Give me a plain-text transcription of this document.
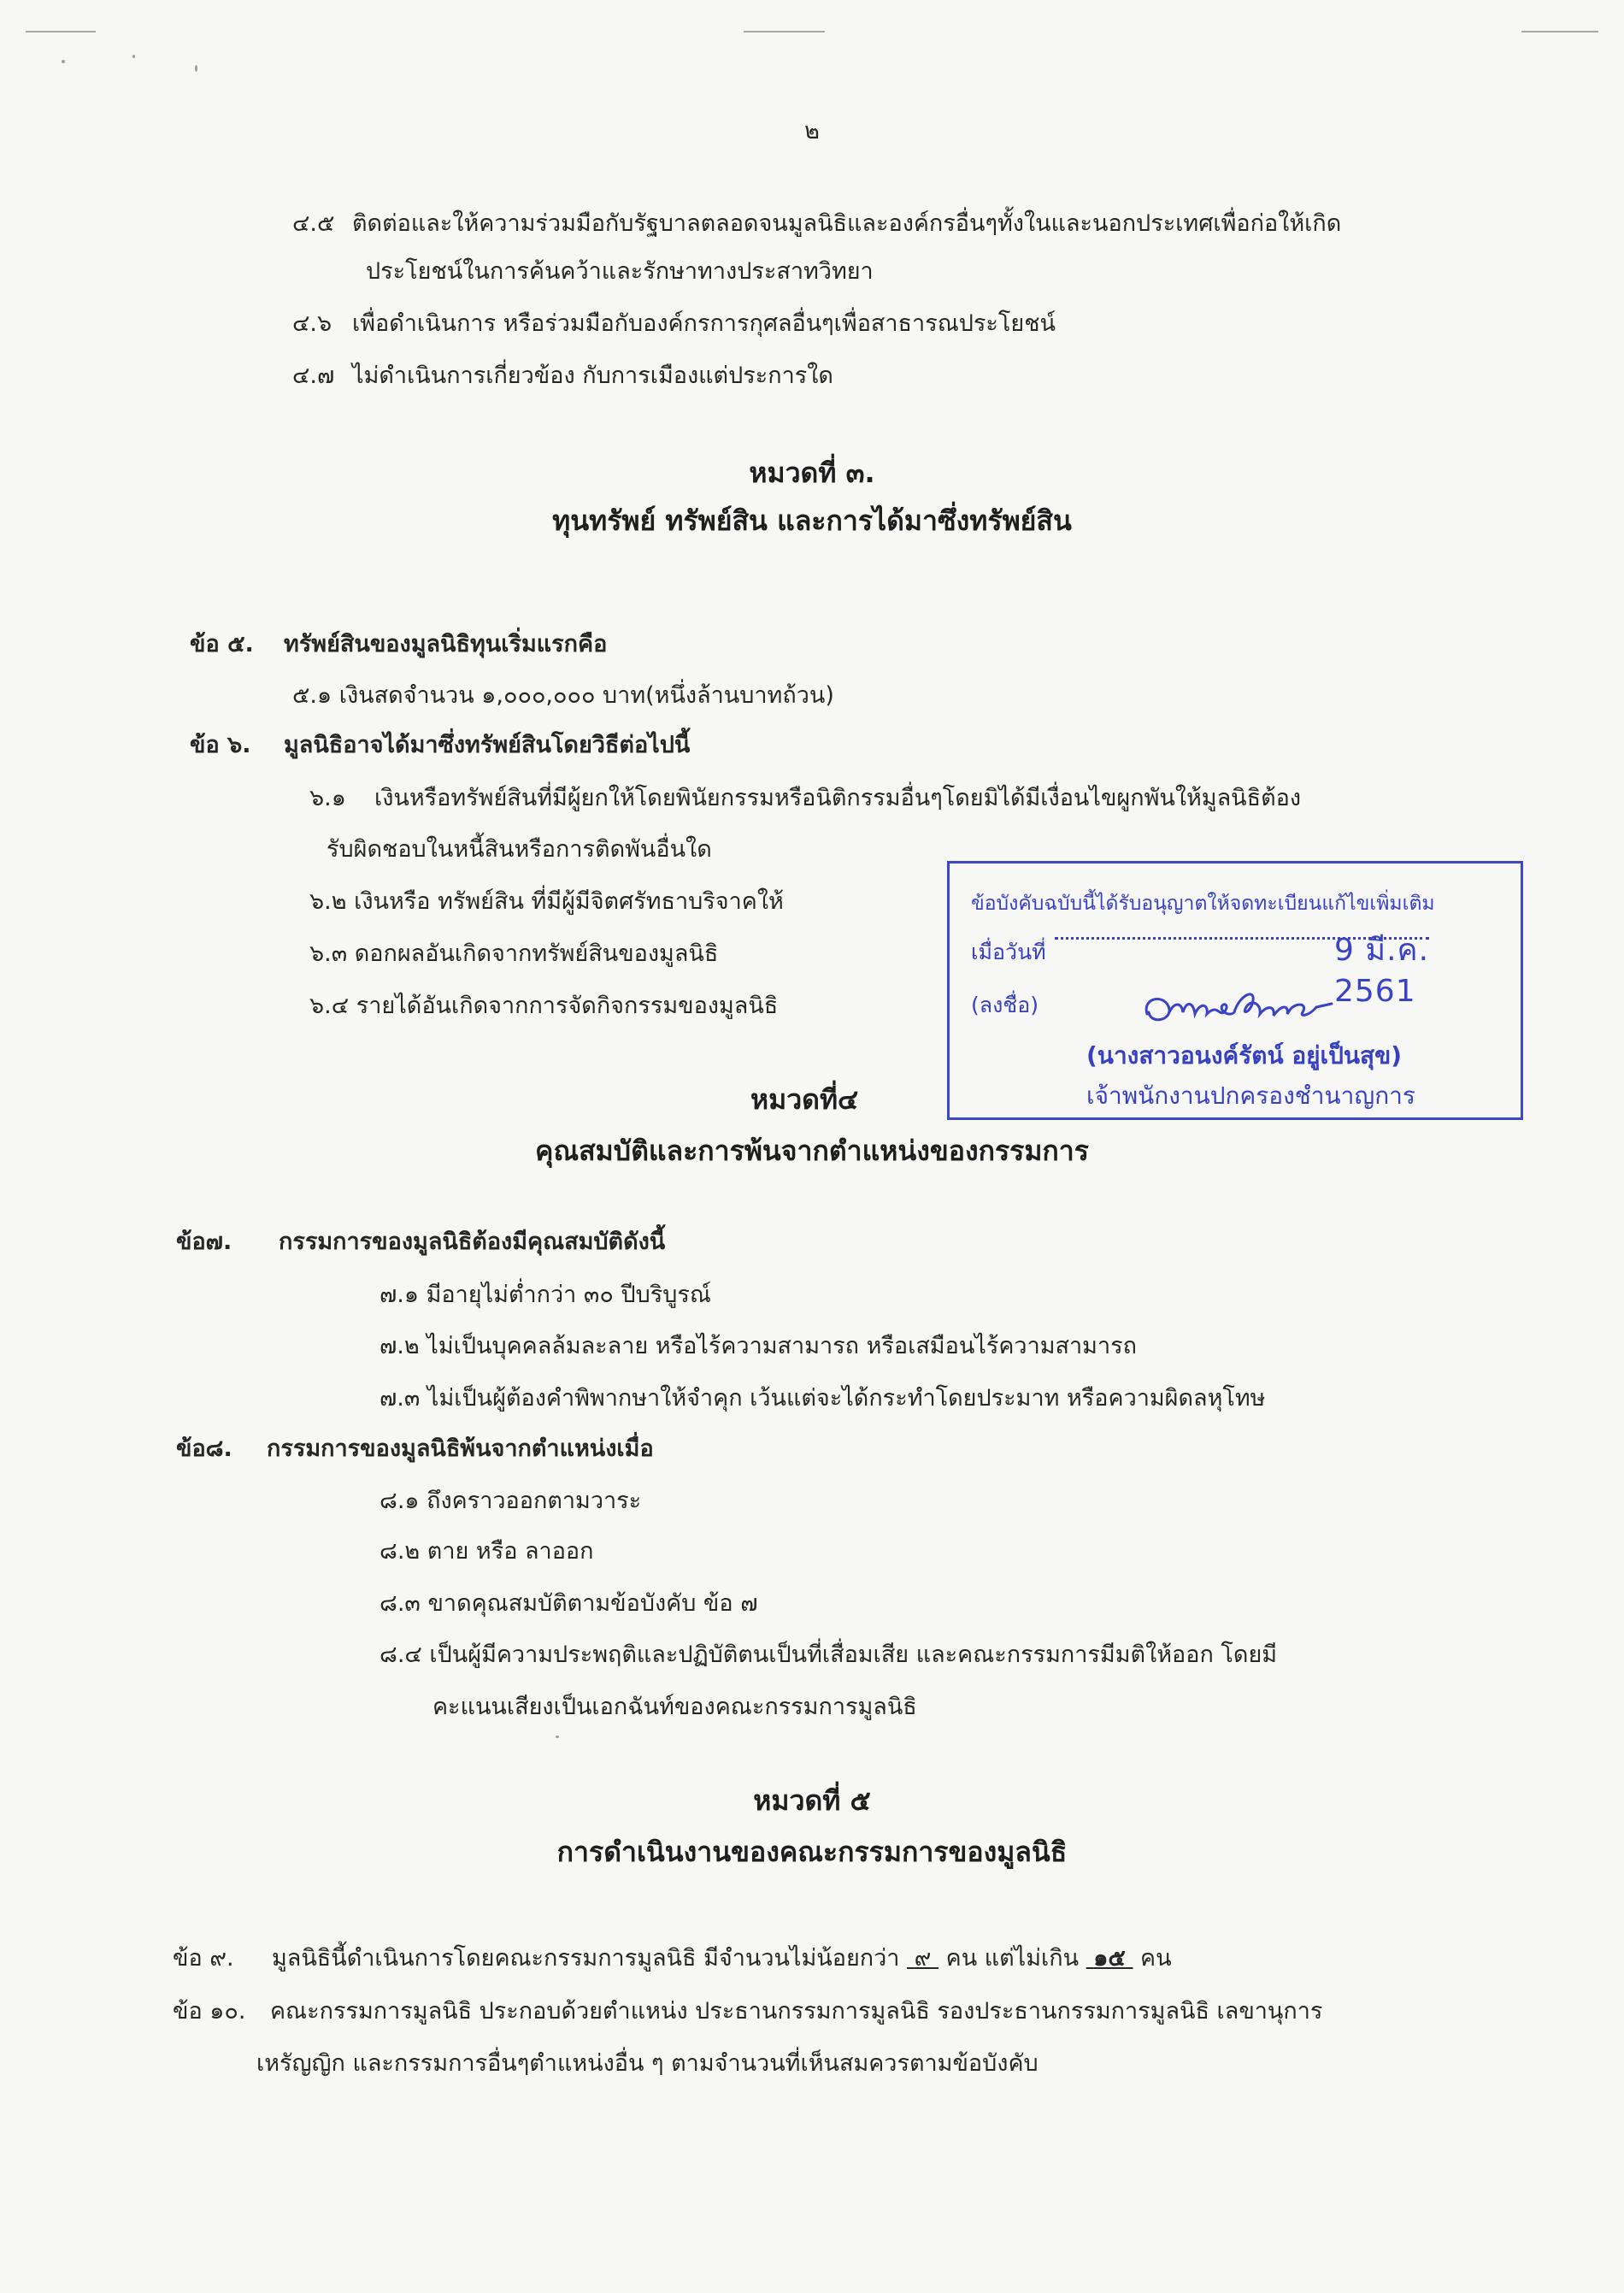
๒
๔.๕ ติดต่อและให้ความร่วมมือกับรัฐบาลตลอดจนมูลนิธิและองค์กรอื่นๆทั้งในและนอกประเทศเพื่อก่อให้เกิด
ประโยชน์ในการค้นคว้าและรักษาทางประสาทวิทยา
๔.๖ เพื่อดำเนินการ หรือร่วมมือกับองค์กรการกุศลอื่นๆเพื่อสาธารณประโยชน์
๔.๗ ไม่ดำเนินการเกี่ยวข้อง กับการเมืองแต่ประการใด
หมวดที่ ๓.
ทุนทรัพย์ ทรัพย์สิน และการได้มาซึ่งทรัพย์สิน
ข้อ ๕. ทรัพย์สินของมูลนิธิทุนเริ่มแรกคือ
๕.๑ เงินสดจำนวน ๑,๐๐๐,๐๐๐ บาท(หนึ่งล้านบาทถ้วน)
ข้อ ๖. มูลนิธิอาจได้มาซึ่งทรัพย์สินโดยวิธีต่อไปนี้
๖.๑ เงินหรือทรัพย์สินที่มีผู้ยกให้โดยพินัยกรรมหรือนิติกรรมอื่นๆโดยมิได้มีเงื่อนไขผูกพันให้มูลนิธิต้อง
รับผิดชอบในหนี้สินหรือการติดพันอื่นใด
๖.๒ เงินหรือ ทรัพย์สิน ที่มีผู้มีจิตศรัทธาบริจาคให้
๖.๓ ดอกผลอันเกิดจากทรัพย์สินของมูลนิธิ
๖.๔ รายได้อันเกิดจากการจัดกิจกรรมของมูลนิธิ
ข้อบังคับฉบับนี้ได้รับอนุญาตให้จดทะเบียนแก้ไขเพิ่มเติม
เมื่อวันที่	9 มี.ค. 2561
(ลงชื่อ)
(นางสาวอนงค์รัตน์ อยู่เป็นสุข)
เจ้าพนักงานปกครองชำนาญการ
หมวดที่๔
คุณสมบัติและการพ้นจากตำแหน่งของกรรมการ
ข้อ๗. กรรมการของมูลนิธิต้องมีคุณสมบัติดังนี้
๗.๑ มีอายุไม่ต่ำกว่า ๓๐ ปีบริบูรณ์
๗.๒ ไม่เป็นบุคคลล้มละลาย หรือไร้ความสามารถ หรือเสมือนไร้ความสามารถ
๗.๓ ไม่เป็นผู้ต้องคำพิพากษาให้จำคุก เว้นแต่จะได้กระทำโดยประมาท หรือความผิดลหุโทษ
ข้อ๘. กรรมการของมูลนิธิพ้นจากตำแหน่งเมื่อ
๘.๑ ถึงคราวออกตามวาระ
๘.๒ ตาย หรือ ลาออก
๘.๓ ขาดคุณสมบัติตามข้อบังคับ ข้อ ๗
๘.๔ เป็นผู้มีความประพฤติและปฏิบัติตนเป็นที่เสื่อมเสีย และคณะกรรมการมีมติให้ออก โดยมี
คะแนนเสียงเป็นเอกฉันท์ของคณะกรรมการมูลนิธิ
หมวดที่ ๕
การดำเนินงานของคณะกรรมการของมูลนิธิ
ข้อ ๙. มูลนิธินี้ดำเนินการโดยคณะกรรมการมูลนิธิ มีจำนวนไม่น้อยกว่า ๙ คน แต่ไม่เกิน ๑๕ คน
ข้อ ๑๐. คณะกรรมการมูลนิธิ ประกอบด้วยตำแหน่ง ประธานกรรมการมูลนิธิ รองประธานกรรมการมูลนิธิ เลขานุการ
เหรัญญิก และกรรมการอื่นๆตำแหน่งอื่น ๆ ตามจำนวนที่เห็นสมควรตามข้อบังคับ
